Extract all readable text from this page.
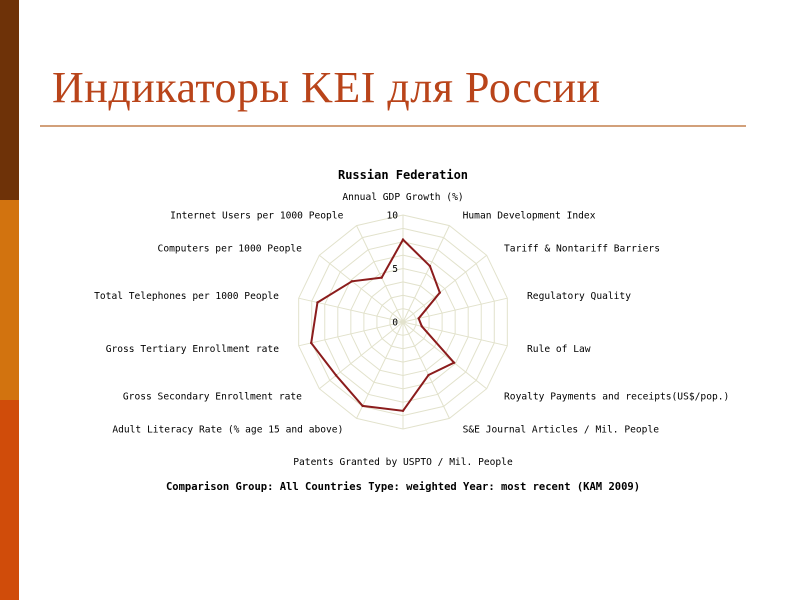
Индикаторы KEI для России
Russian Federation
0
5
10
Annual GDP Growth (%)
Human Development Index
Tariff & Nontariff Barriers
Regulatory Quality
Rule of Law
Royalty Payments and receipts(US$/pop.)
S&E Journal Articles / Mil. People
Patents Granted by USPTO / Mil. People
Adult Literacy Rate (% age 15 and above)
Gross Secondary Enrollment rate
Gross Tertiary Enrollment rate
Total Telephones per 1000 People
Computers per 1000 People
Internet Users per 1000 People
Comparison Group: All Countries Type: weighted Year: most recent (KAM 2009)
